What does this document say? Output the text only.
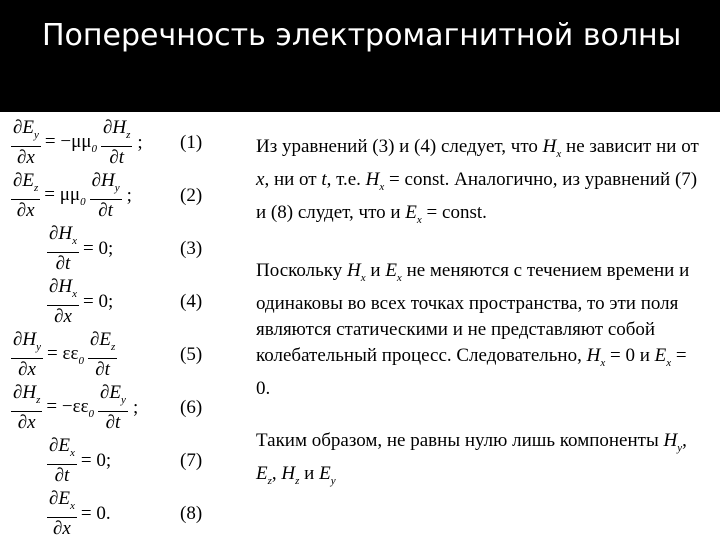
Поперечность электромагнитной волны
$\frac{\partial E_y}{\partial x} = -\mu\mu_0 \frac{\partial H_z}{\partial t}$ ; (1)
$\frac{\partial E_z}{\partial x} = \mu\mu_0 \frac{\partial H_y}{\partial t}$ ;	(2)
$\frac{\partial H_x}{\partial t} = 0$;	(3)
$\frac{\partial H_x}{\partial x} = 0$;	(4)
$\frac{\partial H_y}{\partial x} = \varepsilon\varepsilon_0 \frac{\partial E_z}{\partial t}$	(5)
$\frac{\partial H_z}{\partial x} = -\varepsilon\varepsilon_0 \frac{\partial E_y}{\partial t}$ ; (6)
$\frac{\partial E_x}{\partial t} = 0$;	(7)
$\frac{\partial E_x}{\partial x} = 0$.	(8)

Из уравнений (3) и (4) следует, что $H_x$ не зависит ни от x, ни от t, т.е. $H_x$ = const. Аналогично, из уравнений (7) и (8) слудет, что и $E_x$ = const.

Поскольку $H_x$ и $E_x$ не меняются с течением времени и одинаковы во всех точках пространства, то эти поля являются статическими и не представляют собой колебательный процесс. Следовательно, $H_x = 0$ и $E_x = 0$.

Таким образом, не равны нулю лишь компоненты $H_y$, $E_z$, $H_z$ и $E_y$
